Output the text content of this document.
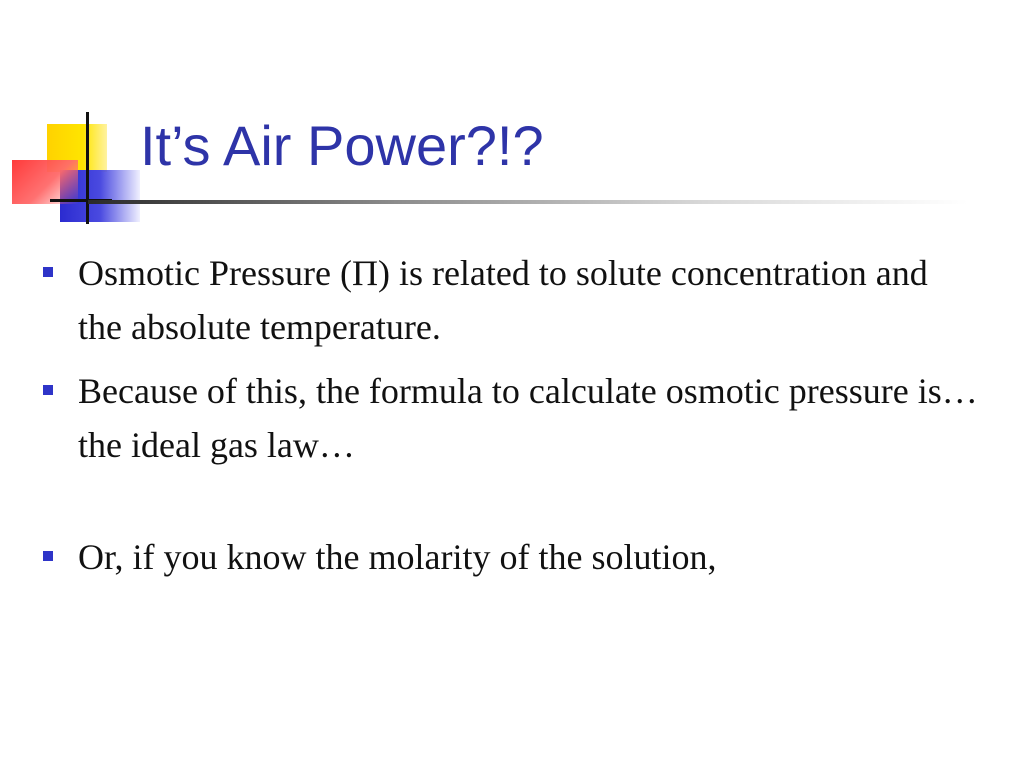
It’s Air Power?!?
Osmotic Pressure (Π) is related to solute concentration and the absolute temperature.
Because of this, the formula to calculate osmotic pressure is…the ideal gas law…
Or, if you know the molarity of the solution,
